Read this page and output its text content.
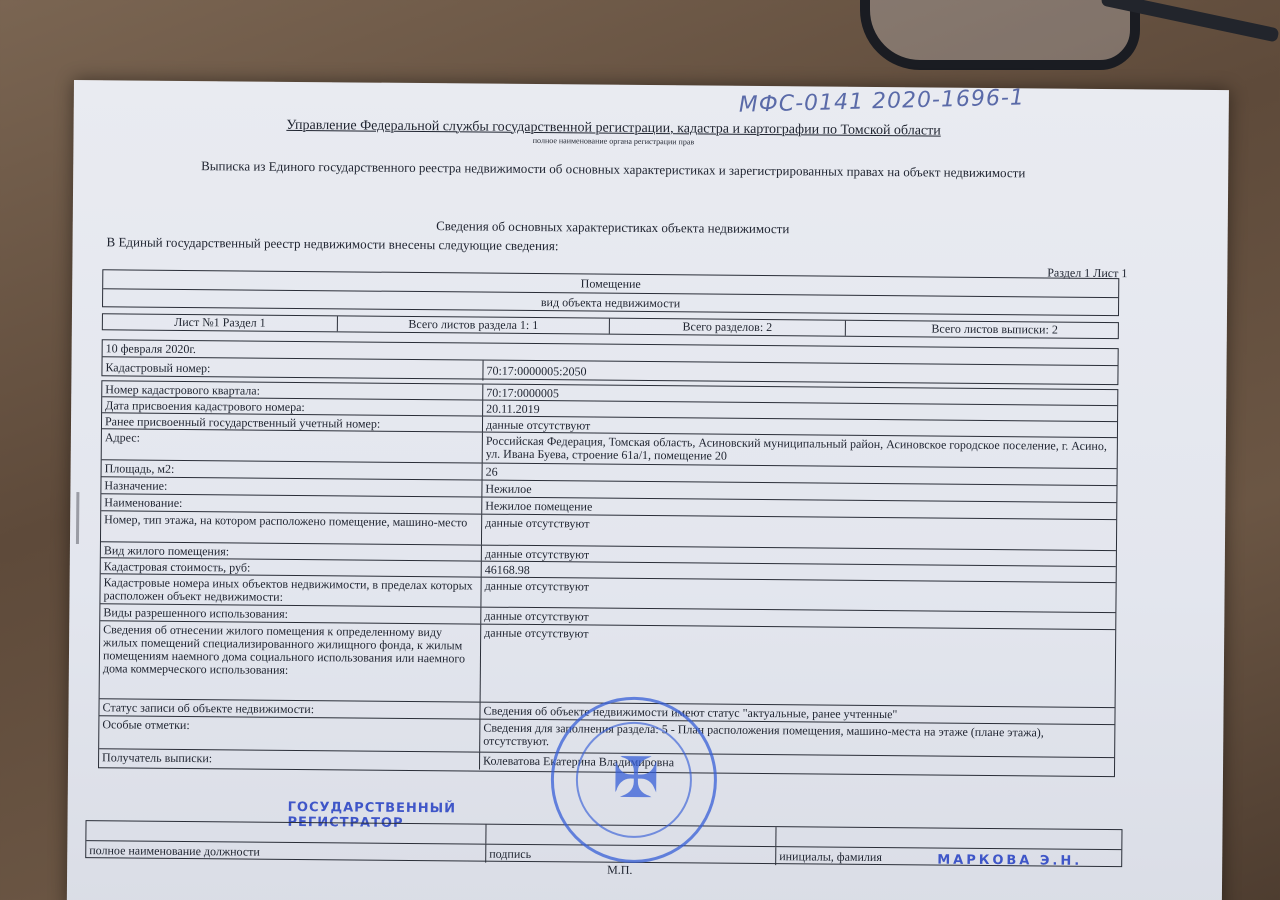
МФС-0141 2020-1696-1
Управление Федеральной службы государственной регистрации, кадастра и картографии по Томской области
полное наименование органа регистрации прав
Выписка из Единого государственного реестра недвижимости об основных характеристиках и зарегистрированных правах на объект недвижимости
Сведения об основных характеристиках объекта недвижимости
В Единый государственный реестр недвижимости внесены следующие сведения:
Раздел 1 Лист 1
Помещение
вид объекта недвижимости
Лист №1 Раздел 1	Всего листов раздела 1: 1	Всего разделов: 2	Всего листов выписки: 2
10 февраля 2020г.
Кадастровый номер:	70:17:0000005:2050
Номер кадастрового квартала:	70:17:0000005
Дата присвоения кадастрового номера:	20.11.2019
Ранее присвоенный государственный учетный номер:	данные отсутствуют
Адрес:	Российская Федерация, Томская область, Асиновский муниципальный район, Асиновское городское поселение, г. Асино, ул. Ивана Буева, строение 61а/1, помещение 20
Площадь, м2:	26
Назначение:	Нежилое
Наименование:	Нежилое помещение
Номер, тип этажа, на котором расположено помещение, машино-место	данные отсутствуют
Вид жилого помещения:	данные отсутствуют
Кадастровая стоимость, руб:	46168.98
Кадастровые номера иных объектов недвижимости, в пределах которых расположен объект недвижимости:
данные отсутствуют
Виды разрешенного использования:	данные отсутствуют
Сведения об отнесении жилого помещения к определенному виду жилых помещений специализированного жилищного фонда, к жилым помещениям наемного дома социального использования или наемного дома коммерческого использования:
данные отсутствуют
Статус записи об объекте недвижимости:	Сведения об объекте недвижимости имеют статус "актуальные, ранее учтенные"
Особые отметки:	Сведения для заполнения раздела: 5 - План расположения помещения, машино-места на этаже (плане этажа), отсутствуют.
Получатель выписки:	Колеватова Екатерина Владимировна
ГОСУДАРСТВЕННЫЙ
РЕГИСТРАТОР
полное наименование должности	подпись	инициалы, фамилия	МАРКОВА Э.Н.
✠
М.П.
